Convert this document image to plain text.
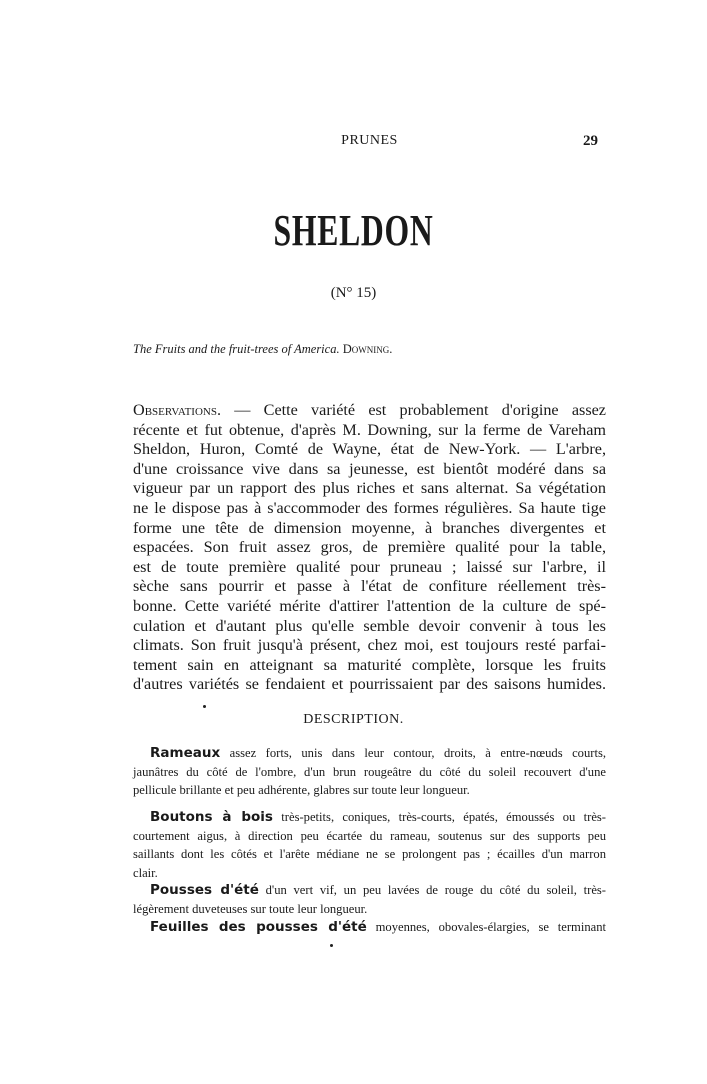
PRUNES	29
SHELDON
(N° 15)
The Fruits and the fruit-trees of America. Downing.
Observations. — Cette variété est probablement d'origine assez
récente et fut obtenue, d'après M. Downing, sur la ferme de Vareham
Sheldon, Huron, Comté de Wayne, état de New-York. — L'arbre,
d'une croissance vive dans sa jeunesse, est bientôt modéré dans sa
vigueur par un rapport des plus riches et sans alternat. Sa végétation
ne le dispose pas à s'accommoder des formes régulières. Sa haute tige
forme une tête de dimension moyenne, à branches divergentes et
espacées. Son fruit assez gros, de première qualité pour la table,
est de toute première qualité pour pruneau ; laissé sur l'arbre, il
sèche sans pourrir et passe à l'état de confiture réellement très-
bonne. Cette variété mérite d'attirer l'attention de la culture de spé-
culation et d'autant plus qu'elle semble devoir convenir à tous les
climats. Son fruit jusqu'à présent, chez moi, est toujours resté parfai-
tement sain en atteignant sa maturité complète, lorsque les fruits
d'autres variétés se fendaient et pourrissaient par des saisons humides.
DESCRIPTION.
Rameaux assez forts, unis dans leur contour, droits, à entre-nœuds courts,
jaunâtres du côté de l'ombre, d'un brun rougeâtre du côté du soleil recouvert d'une
pellicule brillante et peu adhérente, glabres sur toute leur longueur.
Boutons à bois très-petits, coniques, très-courts, épatés, émoussés ou très-
courtement aigus, à direction peu écartée du rameau, soutenus sur des supports peu
saillants dont les côtés et l'arête médiane ne se prolongent pas ; écailles d'un marron
clair.
Pousses d'été d'un vert vif, un peu lavées de rouge du côté du soleil, très-
légèrement duveteuses sur toute leur longueur.
Feuilles des pousses d'été moyennes, obovales-élargies, se terminant
